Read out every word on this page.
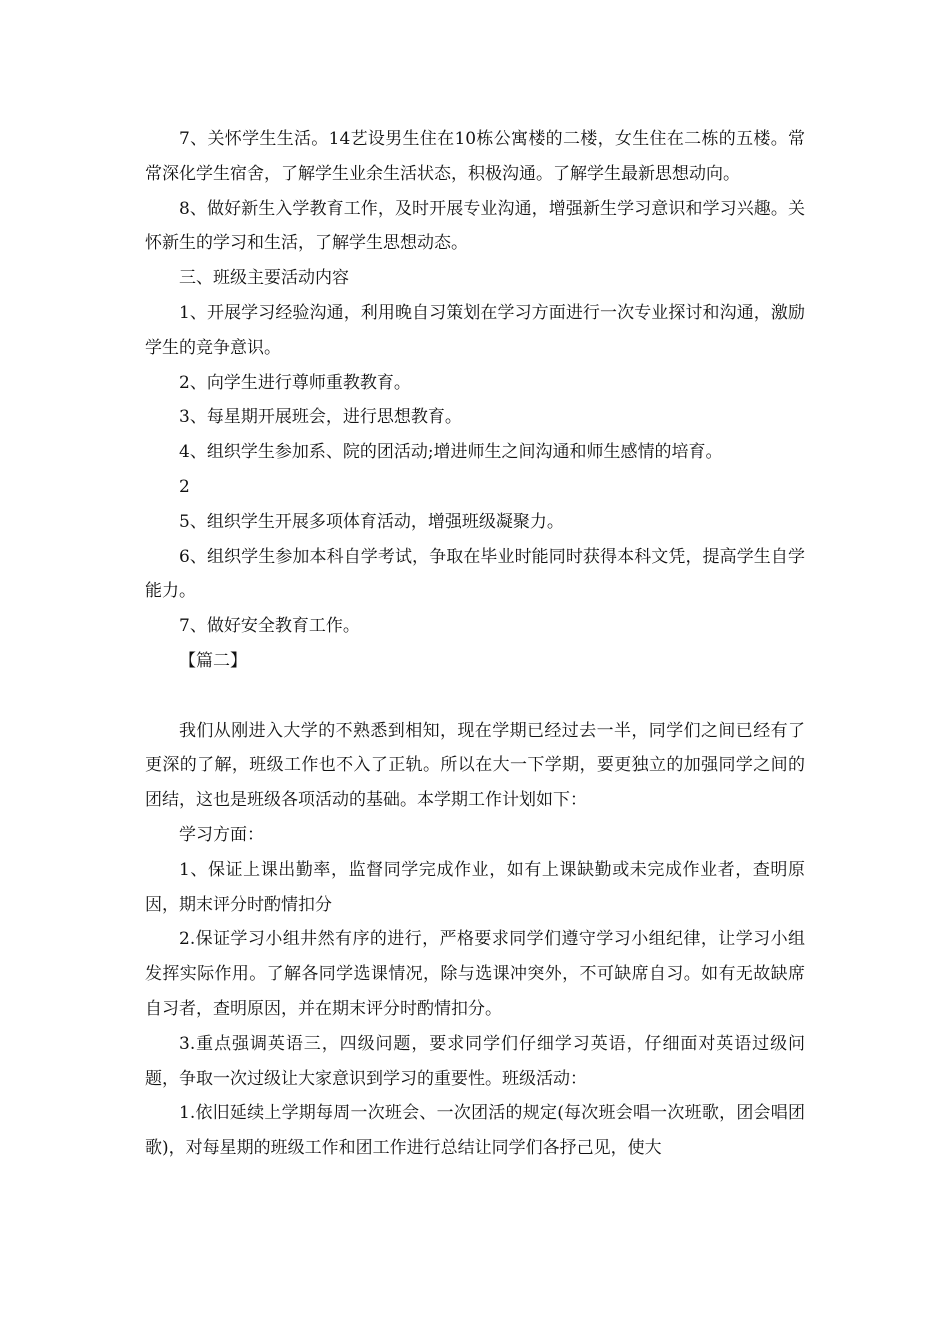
7、关怀学生生活。14艺设男生住在10栋公寓楼的二楼，女生住在二栋的五楼。常常深化学生宿舍，了解学生业余生活状态，积极沟通。了解学生最新思想动向。

8、做好新生入学教育工作，及时开展专业沟通，增强新生学习意识和学习兴趣。关怀新生的学习和生活，了解学生思想动态。

三、班级主要活动内容

1、开展学习经验沟通，利用晚自习策划在学习方面进行一次专业探讨和沟通，激励学生的竞争意识。

2、向学生进行尊师重教教育。

3、每星期开展班会，进行思想教育。

4、组织学生参加系、院的团活动;增进师生之间沟通和师生感情的培育。

2

5、组织学生开展多项体育活动，增强班级凝聚力。

6、组织学生参加本科自学考试，争取在毕业时能同时获得本科文凭，提高学生自学能力。

7、做好安全教育工作。

【篇二】

我们从刚进入大学的不熟悉到相知，现在学期已经过去一半，同学们之间已经有了更深的了解，班级工作也不入了正轨。所以在大一下学期，要更独立的加强同学之间的团结，这也是班级各项活动的基础。本学期工作计划如下：

学习方面：

1、保证上课出勤率，监督同学完成作业，如有上课缺勤或未完成作业者，查明原因，期末评分时酌情扣分

2.保证学习小组井然有序的进行，严格要求同学们遵守学习小组纪律，让学习小组发挥实际作用。了解各同学选课情况，除与选课冲突外，不可缺席自习。如有无故缺席自习者，查明原因，并在期末评分时酌情扣分。

3.重点强调英语三，四级问题，要求同学们仔细学习英语，仔细面对英语过级问题，争取一次过级让大家意识到学习的重要性。班级活动：

1.依旧延续上学期每周一次班会、一次团活的规定(每次班会唱一次班歌，团会唱团歌)，对每星期的班级工作和团工作进行总结让同学们各抒己见，使大
